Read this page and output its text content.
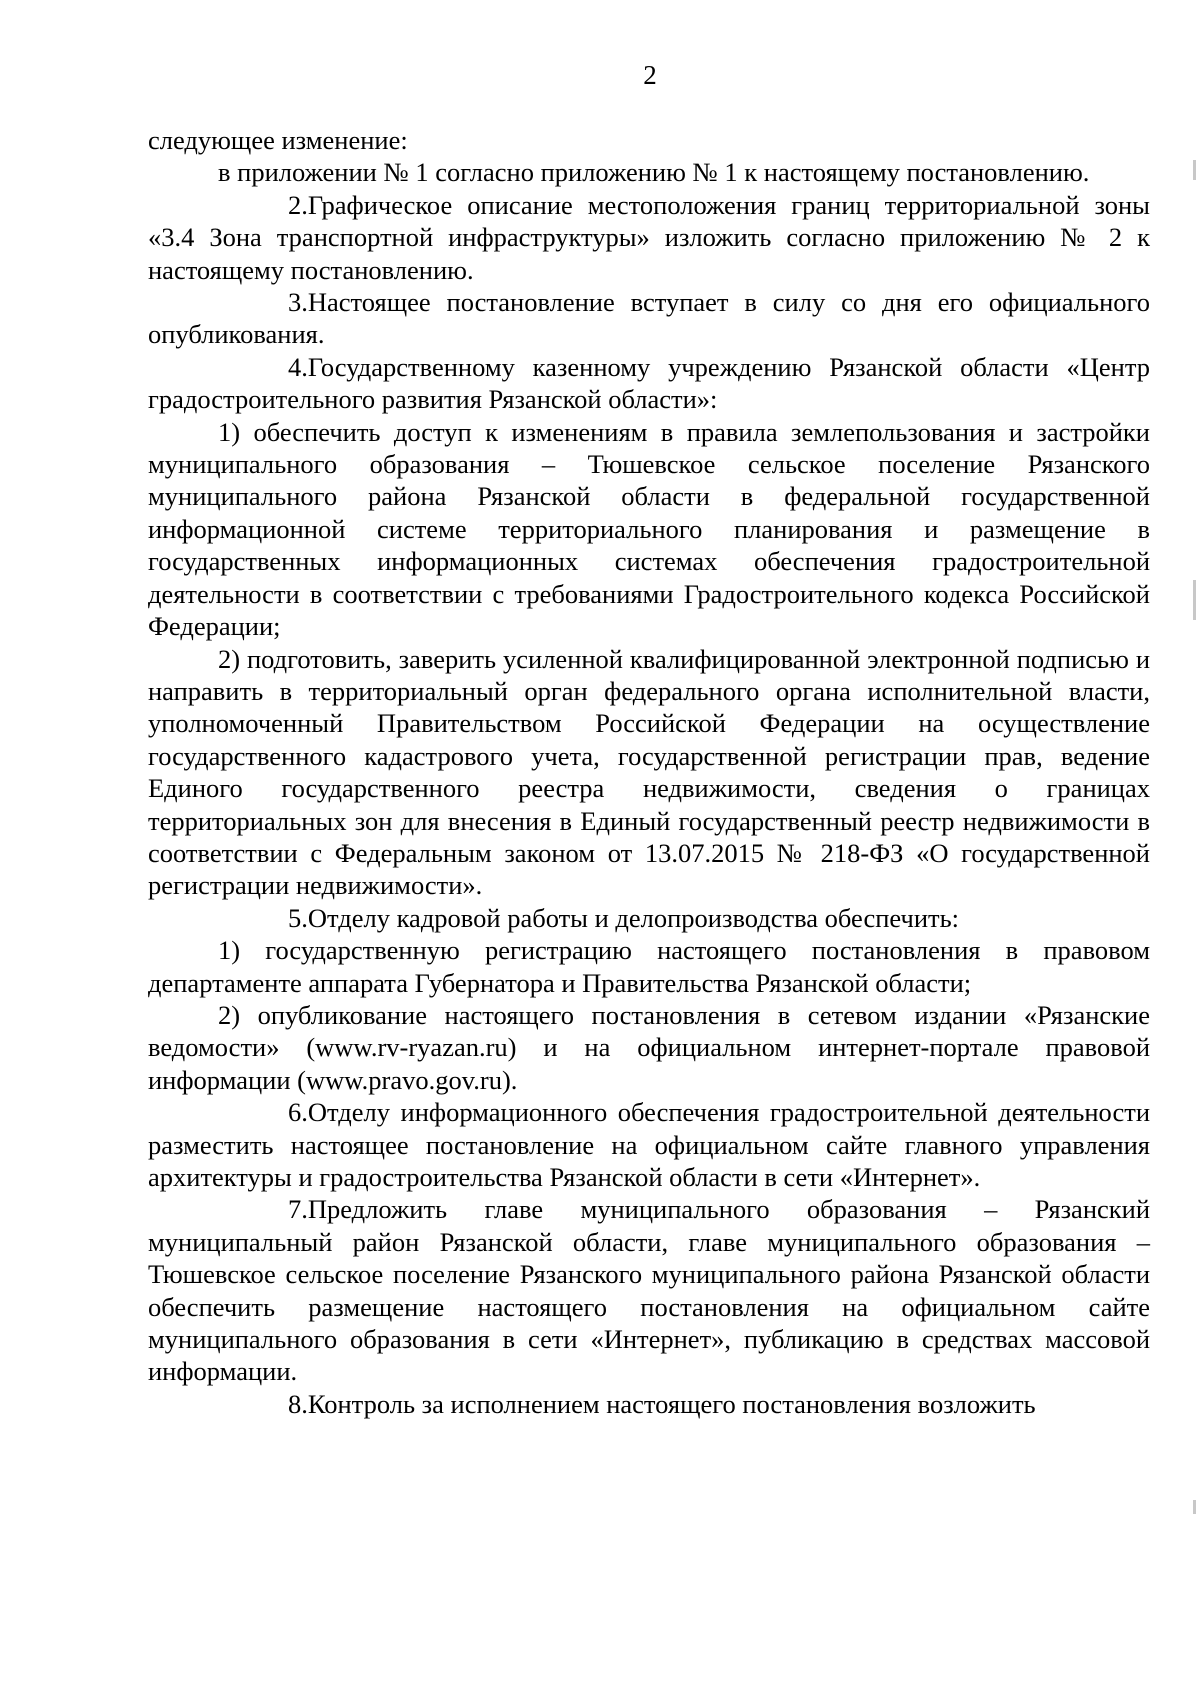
2

следующее изменение:

в приложении № 1 согласно приложению № 1 к настоящему постановлению.

2.Графическое описание местоположения границ территориальной зоны «3.4 Зона транспортной инфраструктуры» изложить согласно приложению № 2 к настоящему постановлению.

3.Настоящее постановление вступает в силу со дня его официального опубликования.

4.Государственному казенному учреждению Рязанской области «Центр градостроительного развития Рязанской области»:

1) обеспечить доступ к изменениям в правила землепользования и застройки муниципального образования – Тюшевское сельское поселение Рязанского муниципального района Рязанской области в федеральной государственной информационной системе территориального планирования и размещение в государственных информационных системах обеспечения градостроительной деятельности в соответствии с требованиями Градостроительного кодекса Российской Федерации;

2) подготовить, заверить усиленной квалифицированной электронной подписью и направить в территориальный орган федерального органа исполнительной власти, уполномоченный Правительством Российской Федерации на осуществление государственного кадастрового учета, государственной регистрации прав, ведение Единого государственного реестра недвижимости, сведения о границах территориальных зон для внесения в Единый государственный реестр недвижимости в соответствии с Федеральным законом от 13.07.2015 № 218-ФЗ «О государственной регистрации недвижимости».

5.Отделу кадровой работы и делопроизводства обеспечить:

1) государственную регистрацию настоящего постановления в правовом департаменте аппарата Губернатора и Правительства Рязанской области;

2) опубликование настоящего постановления в сетевом издании «Рязанские ведомости» (www.rv-ryazan.ru) и на официальном интернет-портале правовой информации (www.pravo.gov.ru).

6.Отделу информационного обеспечения градостроительной деятельности разместить настоящее постановление на официальном сайте главного управления архитектуры и градостроительства Рязанской области в сети «Интернет».

7.Предложить главе муниципального образования – Рязанский муниципальный район Рязанской области, главе муниципального образования – Тюшевское сельское поселение Рязанского муниципального района Рязанской области обеспечить размещение настоящего постановления на официальном сайте муниципального образования в сети «Интернет», публикацию в средствах массовой информации.

8.Контроль за исполнением настоящего постановления возложить
